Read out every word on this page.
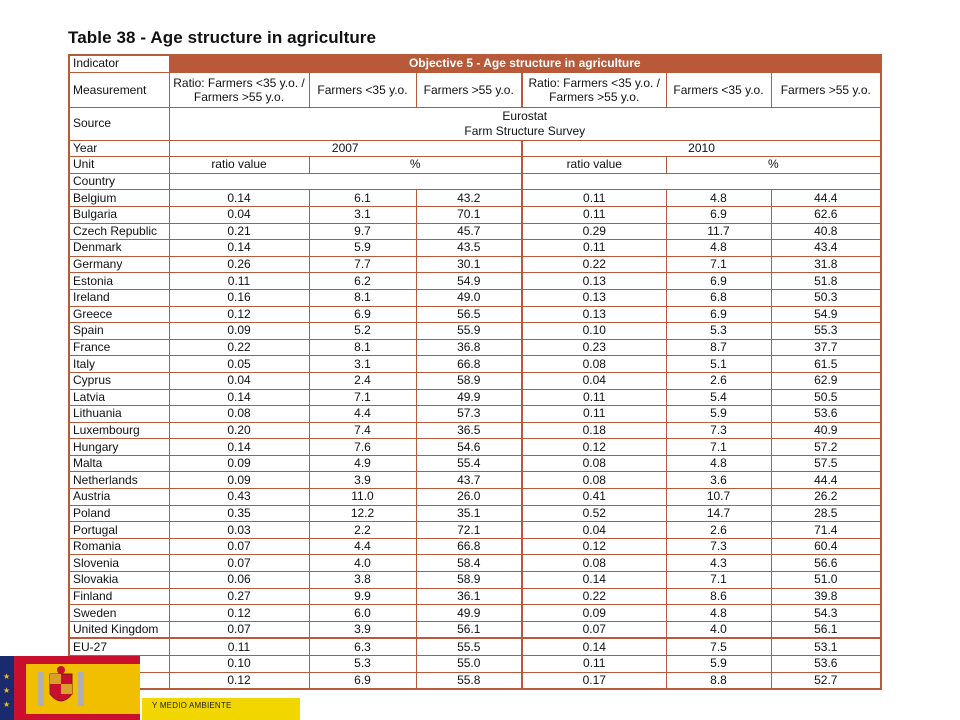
Table 38 - Age structure in agriculture
Indicator	Objective 5 - Age structure in agriculture					
Measurement	Ratio: Farmers <35 y.o. / Farmers >55 y.o.	Farmers <35 y.o.	Farmers >55 y.o.	Ratio: Farmers <35 y.o. / Farmers >55 y.o.	Farmers <35 y.o.	Farmers >55 y.o.
Source	Eurostat
Farm Structure Survey					

Year	2007			2010		
Unit	ratio value	%		ratio value	%	
Country						
Belgium	0.14	6.1	43.2	0.11	4.8	44.4
Bulgaria	0.04	3.1	70.1	0.11	6.9	62.6
Czech Republic	0.21	9.7	45.7	0.29	11.7	40.8
Denmark	0.14	5.9	43.5	0.11	4.8	43.4
Germany	0.26	7.7	30.1	0.22	7.1	31.8
Estonia	0.11	6.2	54.9	0.13	6.9	51.8
Ireland	0.16	8.1	49.0	0.13	6.8	50.3
Greece	0.12	6.9	56.5	0.13	6.9	54.9
Spain	0.09	5.2	55.9	0.10	5.3	55.3
France	0.22	8.1	36.8	0.23	8.7	37.7
Italy	0.05	3.1	66.8	0.08	5.1	61.5
Cyprus	0.04	2.4	58.9	0.04	2.6	62.9
Latvia	0.14	7.1	49.9	0.11	5.4	50.5
Lithuania	0.08	4.4	57.3	0.11	5.9	53.6
Luxembourg	0.20	7.4	36.5	0.18	7.3	40.9
Hungary	0.14	7.6	54.6	0.12	7.1	57.2
Malta	0.09	4.9	55.4	0.08	4.8	57.5
Netherlands	0.09	3.9	43.7	0.08	3.6	44.4
Austria	0.43	11.0	26.0	0.41	10.7	26.2
Poland	0.35	12.2	35.1	0.52	14.7	28.5
Portugal	0.03	2.2	72.1	0.04	2.6	71.4
Romania	0.07	4.4	66.8	0.12	7.3	60.4
Slovenia	0.07	4.0	58.4	0.08	4.3	56.6
Slovakia	0.06	3.8	58.9	0.14	7.1	51.0
Finland	0.27	9.9	36.1	0.22	8.6	39.8
Sweden	0.12	6.0	49.9	0.09	4.8	54.3
United Kingdom	0.07	3.9	56.1	0.07	4.0	56.1
EU-27	0.11	6.3	55.5	0.14	7.5	53.1
	0.10	5.3	55.0	0.11	5.9	53.6
	0.12	6.9	55.8	0.17	8.8	52.7
★
★
★	Y MEDIO AMBIENTE
